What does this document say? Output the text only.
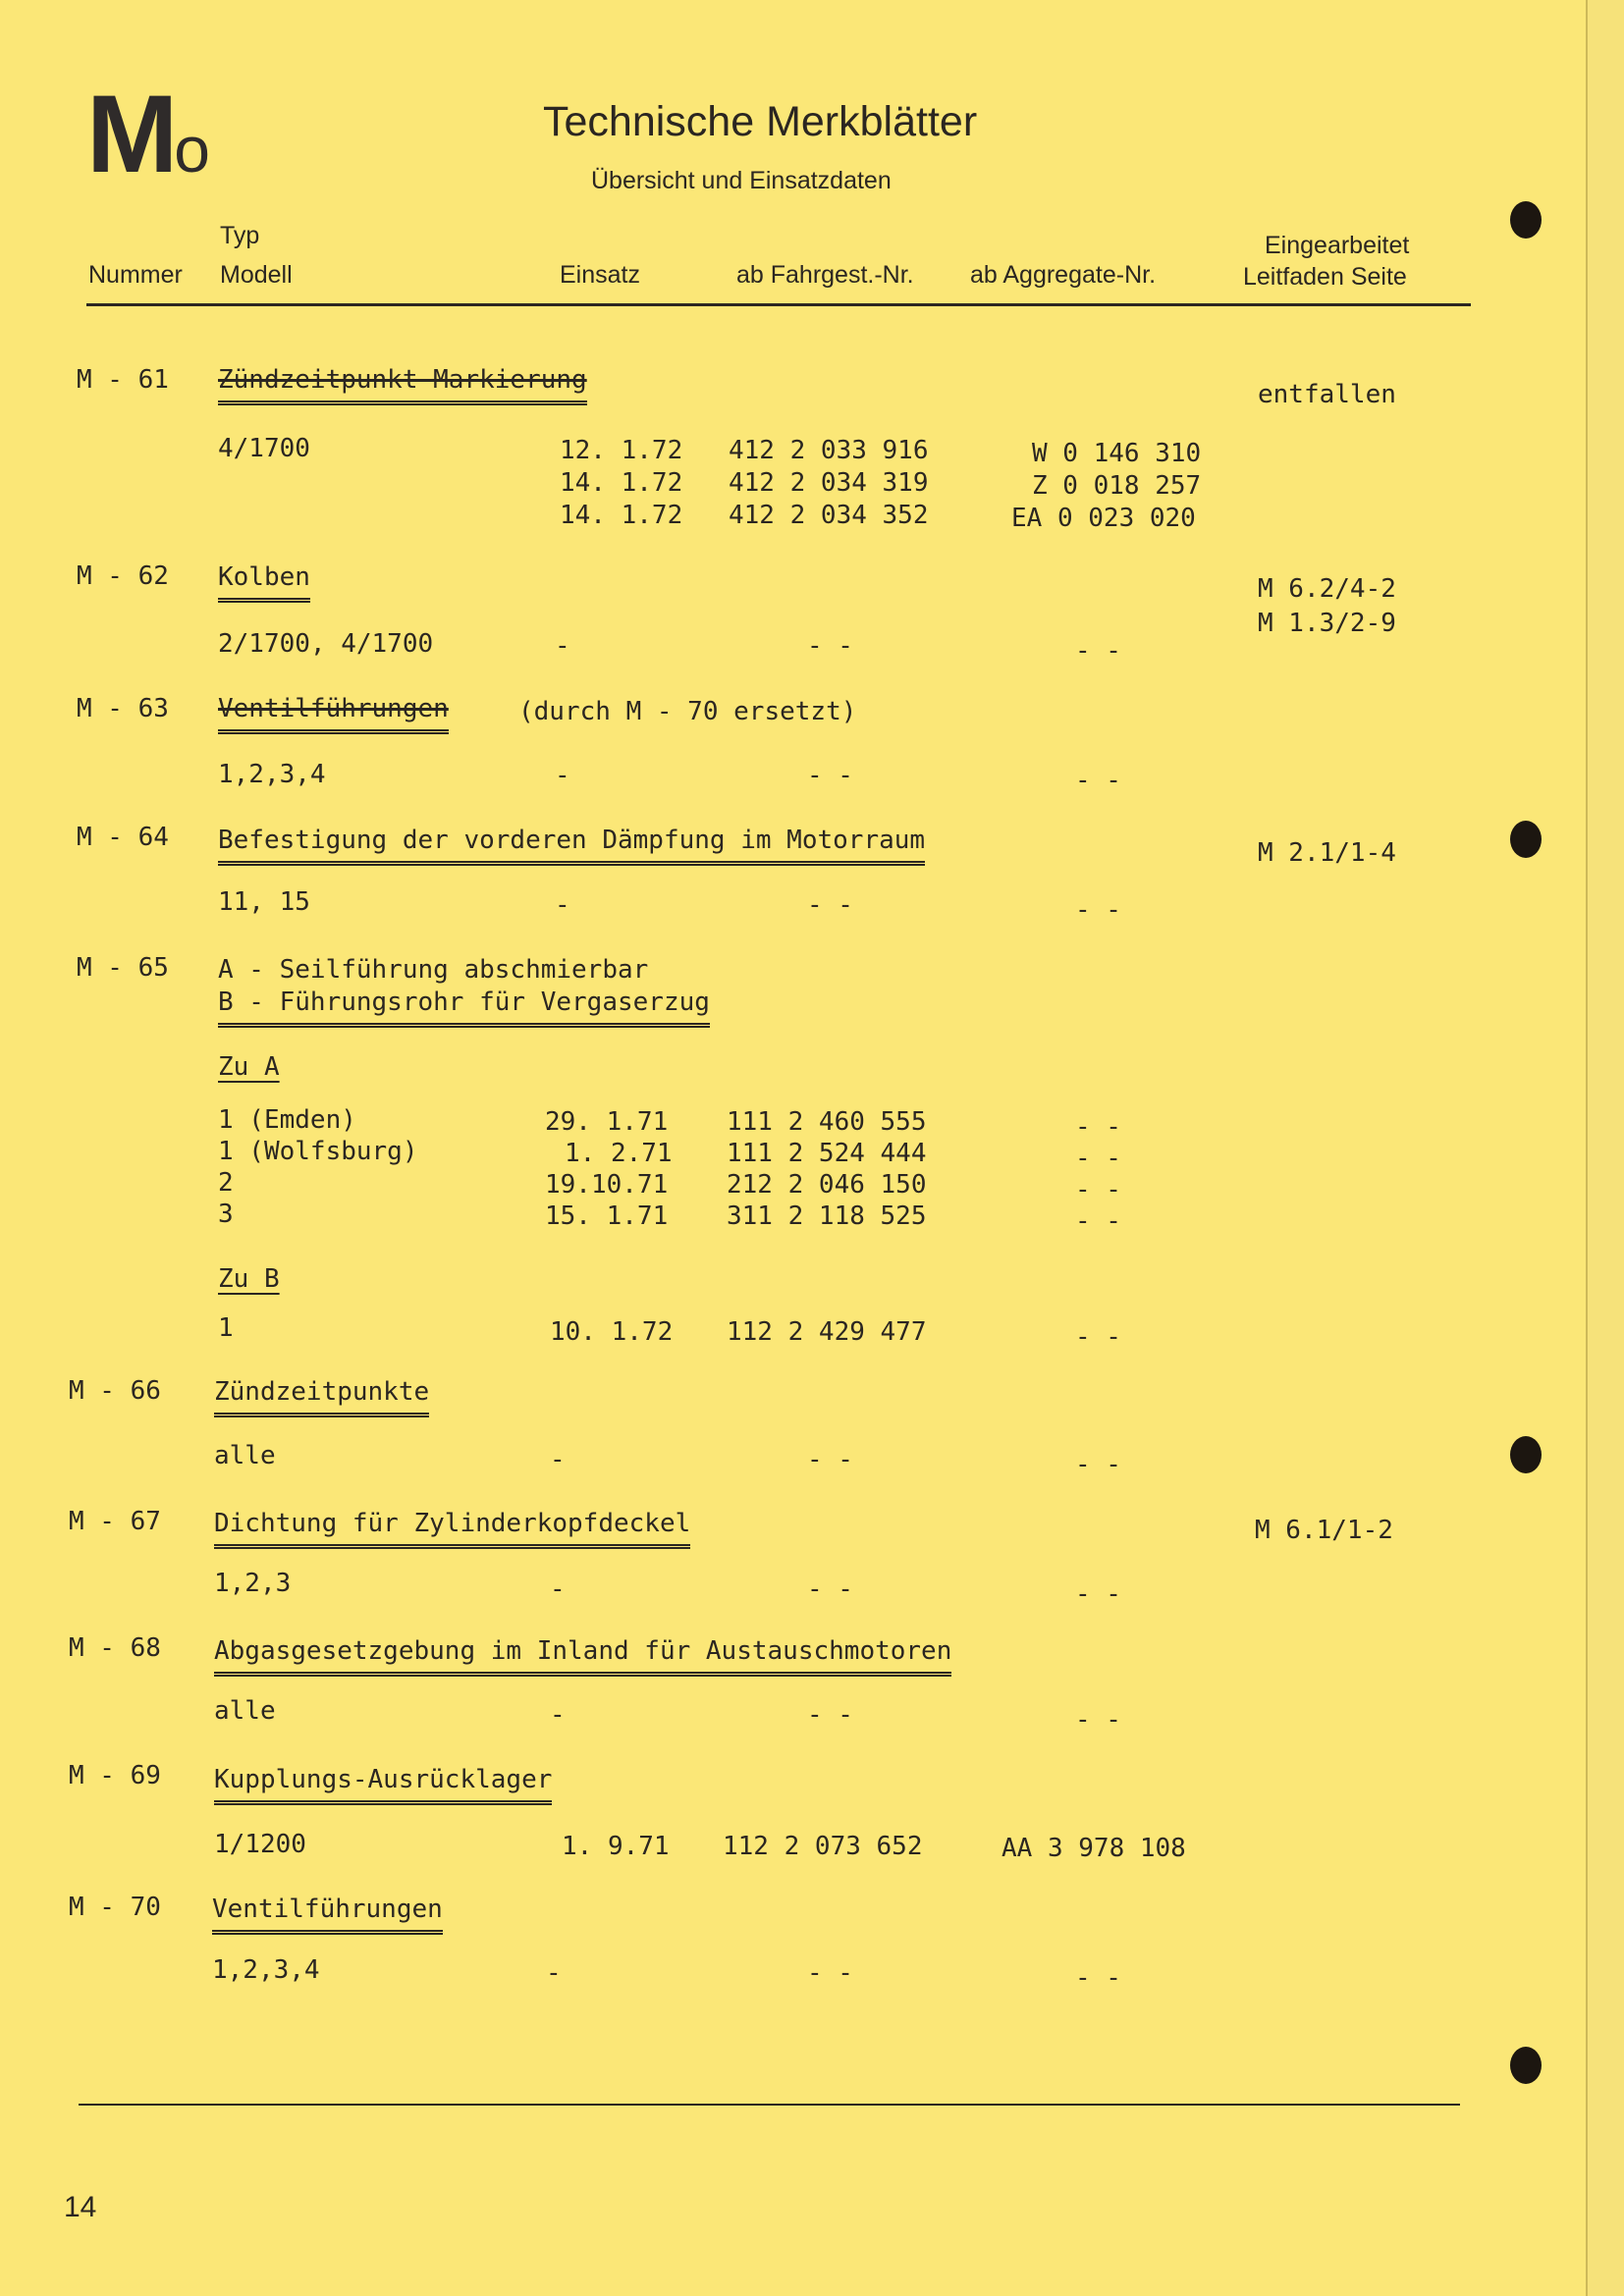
Mo	Technische Merkblätter
Übersicht und Einsatzdaten
Typ
Nummer Modell	Einsatz	ab Fahrgest.-Nr. ab Aggregate-Nr.
Eingearbeitet
Leitfaden Seite
M - 61 Zündzeitpunkt-Markierung	entfallen
4/1700	12. 1.72 412 2 033 916	W 0 146 310
14. 1.72 412 2 034 319	Z 0 018 257
14. 1.72 412 2 034 352	EA 0 023 020
M - 62 Kolben	M 6.2/4-2
M 1.3/2-9
2/1700, 4/1700	-	- -	- -
M - 63 Ventilführungen	(durch M - 70 ersetzt)
1,2,3,4	-	- -	- -
M - 64 Befestigung der vorderen Dämpfung im Motorraum	M 2.1/1-4
11, 15	-	- -	- -
M - 65 A - Seilführung abschmierbar
B - Führungsrohr für Vergaserzug
Zu A
1 (Emden)	29. 1.71 111 2 460 555	- -
1 (Wolfsburg)	1. 2.71 111 2 524 444	- -
2	19.10.71 212 2 046 150	- -
3	15. 1.71 311 2 118 525	- -
Zu B
1	10. 1.72 112 2 429 477	- -
M - 66 Zündzeitpunkte
alle	-	- -	- -
M - 67 Dichtung für Zylinderkopfdeckel	M 6.1/1-2
1,2,3	-	- -	- -
M - 68 Abgasgesetzgebung im Inland für Austauschmotoren
alle	-	- -	- -
M - 69 Kupplungs-Ausrücklager
1/1200	1. 9.71 112 2 073 652	AA 3 978 108
M - 70 Ventilführungen
1,2,3,4	-	- -	- -
14
